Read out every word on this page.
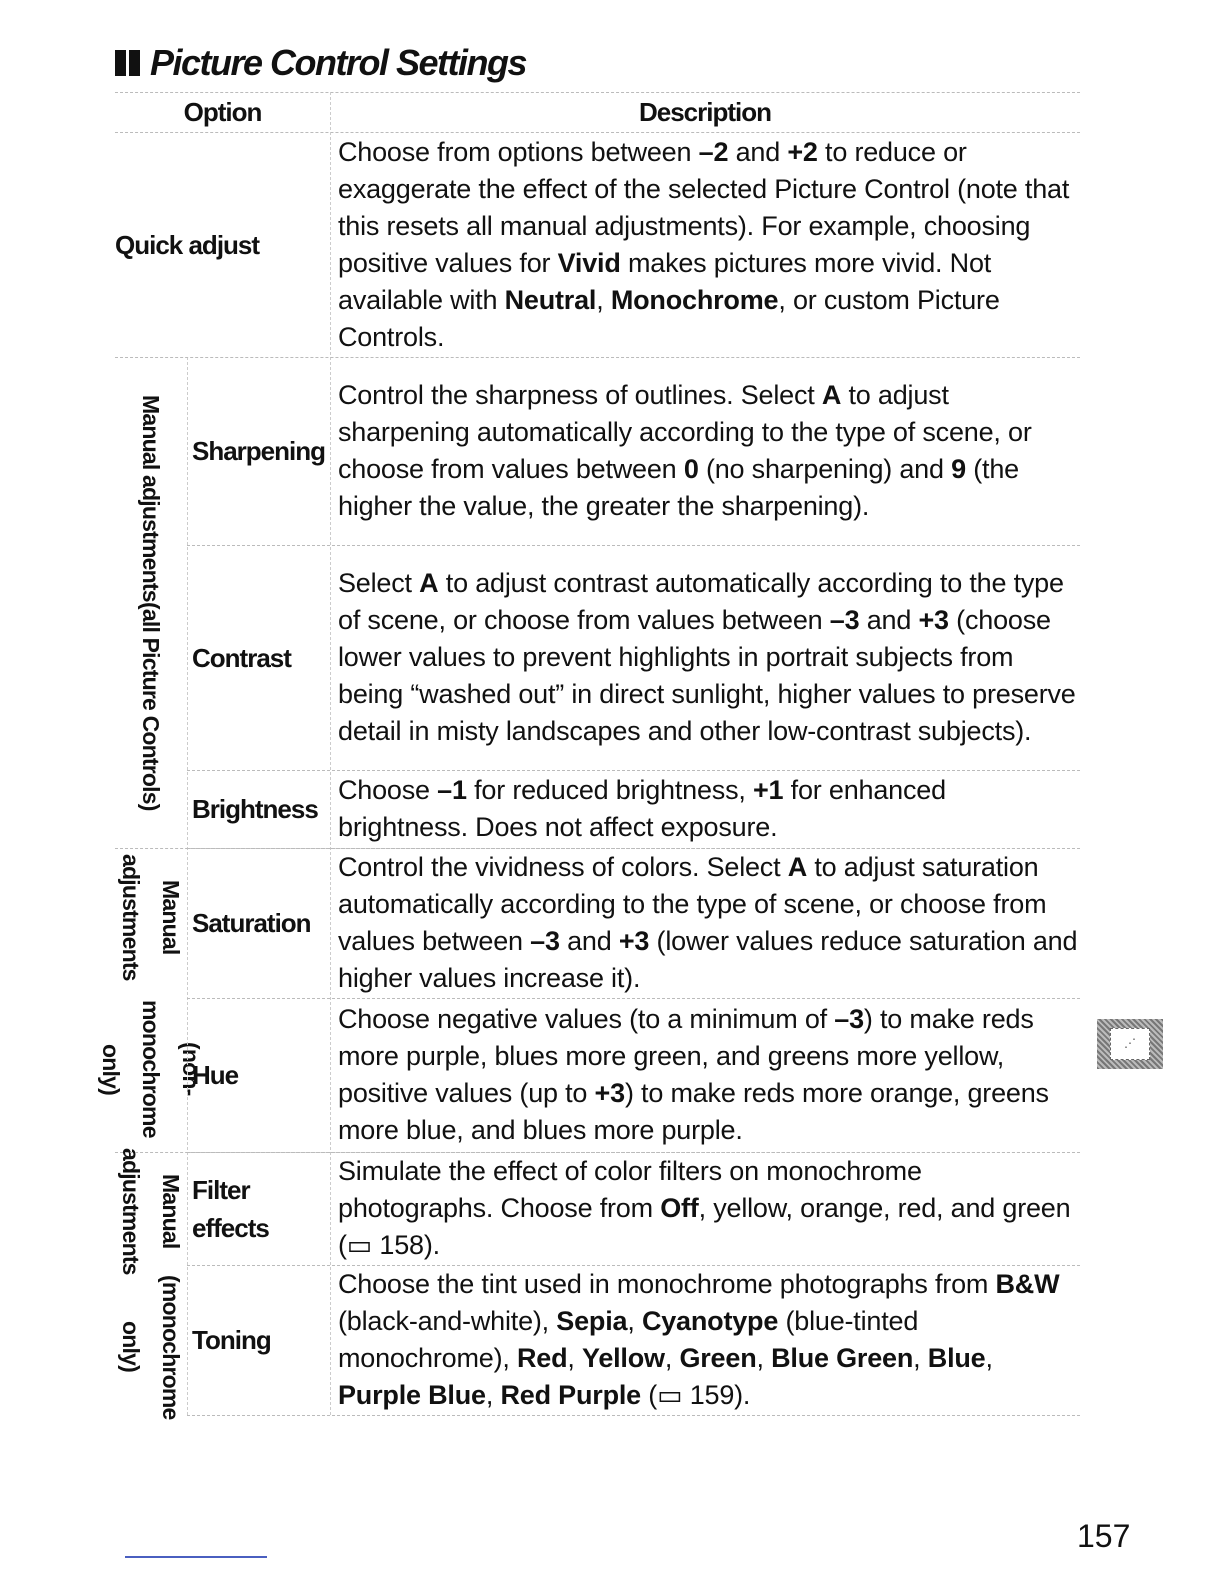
Picture Control Settings
Option	Description
Manual adjustments
(all Picture Controls)
Manual adjustments
(non-monochrome only)
Manual adjustments
(monochrome only)
Quick adjust
Choose from options between –2 and +2 to reduce or exaggerate the effect of the selected Picture Control (note that this resets all manual adjustments). For example, choosing positive values for Vivid makes pictures more vivid. Not available with Neutral, Monochrome, or custom Picture Controls.
Sharpening
Control the sharpness of outlines. Select A to adjust sharpening automatically according to the type of scene, or choose from values between 0 (no sharpening) and 9 (the higher the value, the greater the sharpening).
Contrast
Select A to adjust contrast automatically according to the type of scene, or choose from values between –3 and +3 (choose lower values to prevent highlights in portrait subjects from being “washed out” in direct sunlight, higher values to preserve detail in misty landscapes and other low-contrast subjects).
Brightness
Choose –1 for reduced brightness, +1 for enhanced brightness. Does not affect exposure.
Saturation
Control the vividness of colors. Select A to adjust saturation automatically according to the type of scene, or choose from values between –3 and +3 (lower values reduce saturation and higher values increase it).
Hue
Choose negative values (to a minimum of –3) to make reds more purple, blues more green, and greens more yellow, positive values (up to +3) to make reds more orange, greens more blue, and blues more purple.
Filter effects
Simulate the effect of color filters on monochrome photographs. Choose from Off, yellow, orange, red, and green (▭ 158).
Toning
Choose the tint used in monochrome photographs from B&W (black-and-white), Sepia, Cyanotype (blue-tinted monochrome), Red, Yellow, Green, Blue Green, Blue, Purple Blue, Red Purple (▭ 159).
⋰
157
